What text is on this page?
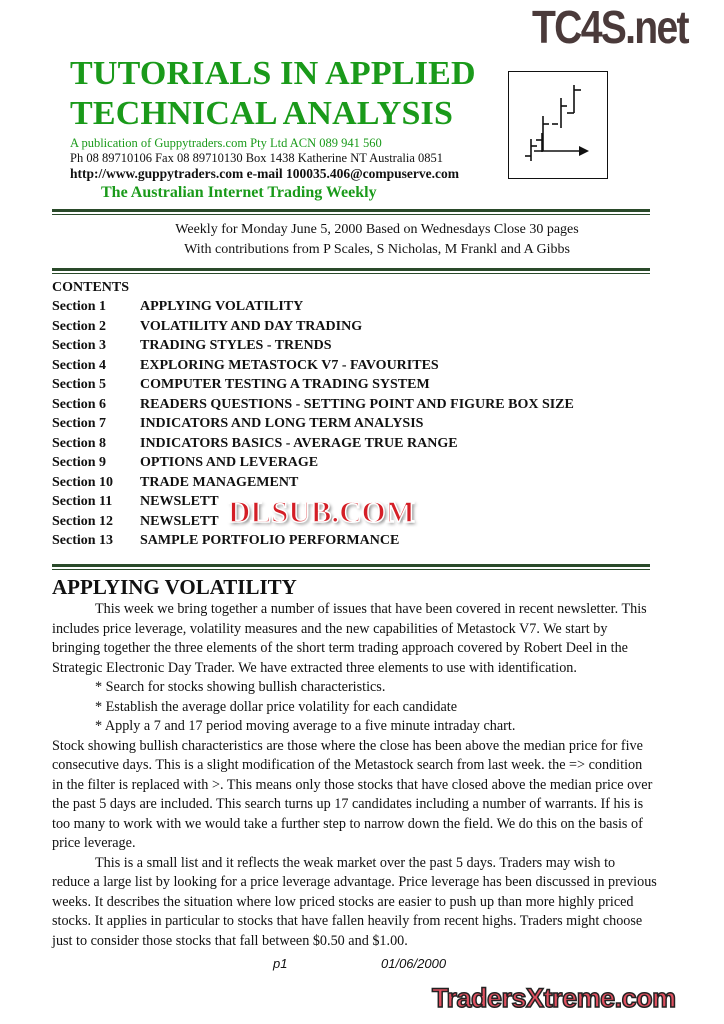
TUTORIALS IN APPLIED
TECHNICAL ANALYSIS
A publication of Guppytraders.com Pty Ltd ACN 089 941 560
Ph 08 89710106 Fax 08 89710130 Box 1438 Katherine NT Australia 0851
http://www.guppytraders.com e-mail 100035.406@compuserve.com
The Australian Internet Trading Weekly
Weekly for Monday June 5, 2000 Based on Wednesdays Close 30 pages
With contributions from P Scales, S Nicholas, M Frankl and A Gibbs
CONTENTS
Section 1 APPLYING VOLATILITY
Section 2 VOLATILITY AND DAY TRADING
Section 3 TRADING STYLES - TRENDS
Section 4 EXPLORING METASTOCK V7 - FAVOURITES
Section 5 COMPUTER TESTING A TRADING SYSTEM
Section 6 READERS QUESTIONS - SETTING POINT AND FIGURE BOX SIZE
Section 7 INDICATORS AND LONG TERM ANALYSIS
Section 8 INDICATORS BASICS - AVERAGE TRUE RANGE
Section 9 OPTIONS AND LEVERAGE
Section 10 TRADE MANAGEMENT
Section 11 NEWSLETT
Section 12 NEWSLETT
Section 13 SAMPLE PORTFOLIO PERFORMANCE
APPLYING VOLATILITY
This week we bring together a number of issues that have been covered in recent newsletter. This
includes price leverage, volatility measures and the new capabilities of Metastock V7. We start by
bringing together the three elements of the short term trading approach covered by Robert Deel in the
Strategic Electronic Day Trader. We have extracted three elements to use with identification.
* Search for stocks showing bullish characteristics.
* Establish the average dollar price volatility for each candidate
* Apply a 7 and 17 period moving average to a five minute intraday chart.
Stock showing bullish characteristics are those where the close has been above the median price for five
consecutive days. This is a slight modification of the Metastock search from last week. the => condition
in the filter is replaced with >. This means only those stocks that have closed above the median price over
the past 5 days are included. This search turns up 17 candidates including a number of warrants. If his is
too many to work with we would take a further step to narrow down the field. We do this on the basis of
price leverage.
This is a small list and it reflects the weak market over the past 5 days. Traders may wish to
reduce a large list by looking for a price leverage advantage. Price leverage has been discussed in previous
weeks. It describes the situation where low priced stocks are easier to push up than more highly priced
stocks. It applies in particular to stocks that have fallen heavily from recent highs. Traders might choose
just to consider those stocks that fall between $0.50 and $1.00.
p1	01/06/2000
TC4S.net
DLSUB.COM
TradersXtreme.com
